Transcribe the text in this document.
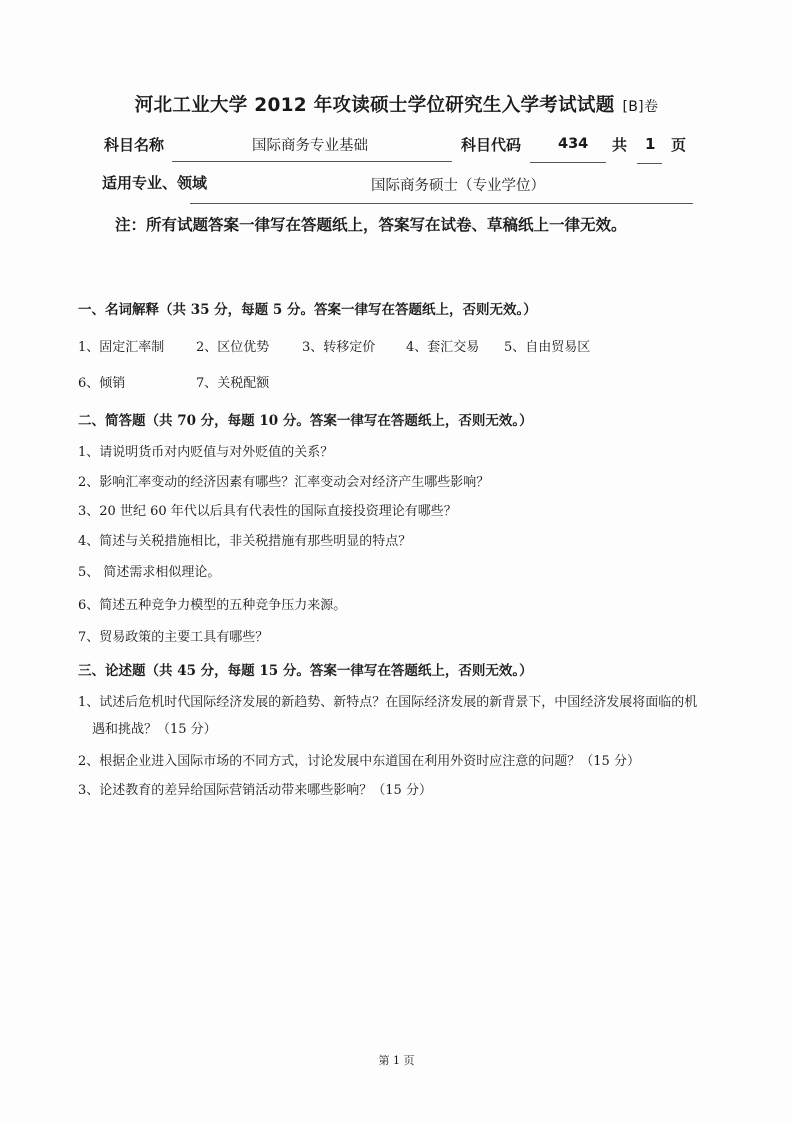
河北工业大学 2012 年攻读硕士学位研究生入学考试试题 [B]卷
科目名称	国际商务专业基础	科目代码	434 共 1 页
适用专业、领域	国际商务硕士（专业学位）
注：所有试题答案一律写在答题纸上，答案写在试卷、草稿纸上一律无效。
一、名词解释（共 35 分，每题 5 分。答案一律写在答题纸上，否则无效。）
1、固定汇率制 2、区位优势	3、转移定价 4、套汇交易 5、自由贸易区
6、倾销	7、关税配额
二、简答题（共 70 分，每题 10 分。答案一律写在答题纸上，否则无效。）
1、请说明货币对内贬值与对外贬值的关系？
2、影响汇率变动的经济因素有哪些？汇率变动会对经济产生哪些影响？
3、20 世纪 60 年代以后具有代表性的国际直接投资理论有哪些？
4、简述与关税措施相比，非关税措施有那些明显的特点？
5、 简述需求相似理论。
6、简述五种竞争力模型的五种竞争压力来源。
7、贸易政策的主要工具有哪些？
三、论述题（共 45 分，每题 15 分。答案一律写在答题纸上，否则无效。）
1、试述后危机时代国际经济发展的新趋势、新特点？在国际经济发展的新背景下，中国经济发展将面临的机
遇和挑战？（15 分）
2、根据企业进入国际市场的不同方式，讨论发展中东道国在利用外资时应注意的问题？（15 分）
3、论述教育的差异给国际营销活动带来哪些影响？（15 分）
第 1 页
